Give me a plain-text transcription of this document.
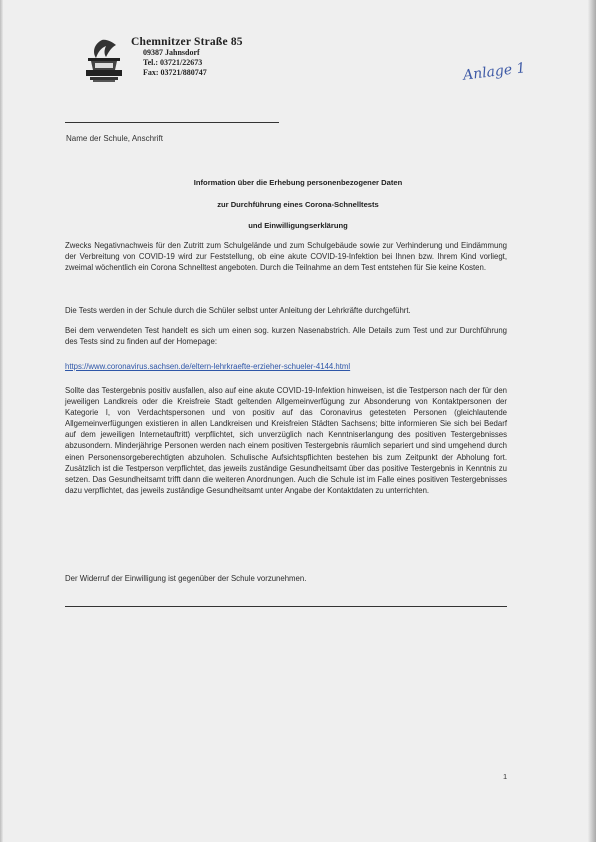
Chemnitzer Straße 85
09387 Jahnsdorf
Tel.: 03721/22673
Fax: 03721/880747	Anlage 1
Name der Schule, Anschrift
Information über die Erhebung personenbezogener Daten
zur Durchführung eines Corona-Schnelltests
und Einwilligungserklärung
Zwecks Negativnachweis für den Zutritt zum Schulgelände und zum Schulgebäude sowie zur Verhinderung und Eindämmung der Verbreitung von COVID-19 wird zur Feststellung, ob eine akute COVID-19-Infektion bei Ihnen bzw. Ihrem Kind vorliegt, zweimal wöchentlich ein Corona Schnelltest angeboten. Durch die Teilnahme an dem Test entstehen für Sie keine Kosten.
Die Tests werden in der Schule durch die Schüler selbst unter Anleitung der Lehrkräfte durchgeführt.
Bei dem verwendeten Test handelt es sich um einen sog. kurzen Nasenabstrich. Alle Details zum Test und zur Durchführung des Tests sind zu finden auf der Homepage:
https://www.coronavirus.sachsen.de/eltern-lehrkraefte-erzieher-schueler-4144.html
Sollte das Testergebnis positiv ausfallen, also auf eine akute COVID-19-Infektion hinweisen, ist die Testperson nach der für den jeweiligen Landkreis oder die Kreisfreie Stadt geltenden Allgemeinverfügung zur Absonderung von Kontaktpersonen der Kategorie I, von Verdachtspersonen und von positiv auf das Coronavirus getesteten Personen (gleichlautende Allgemeinverfügungen existieren in allen Landkreisen und Kreisfreien Städten Sachsens; bitte informieren Sie sich bei Bedarf auf dem jeweiligen Internetauftritt) verpflichtet, sich unverzüglich nach Kenntniserlangung des positiven Testergebnisses abzusondern. Minderjährige Personen werden nach einem positiven Testergebnis räumlich separiert und sind umgehend durch einen Personensorgeberechtigten abzuholen. Schulische Aufsichtspflichten bestehen bis zum Zeitpunkt der Abholung fort. Zusätzlich ist die Testperson verpflichtet, das jeweils zuständige Gesundheitsamt über das positive Testergebnis in Kenntnis zu setzen. Das Gesundheitsamt trifft dann die weiteren Anordnungen. Auch die Schule ist im Falle eines positiven Testergebnisses dazu verpflichtet, das jeweils zuständige Gesundheitsamt unter Angabe der Kontaktdaten zu unterrichten.
Der Widerruf der Einwilligung ist gegenüber der Schule vorzunehmen.
1
